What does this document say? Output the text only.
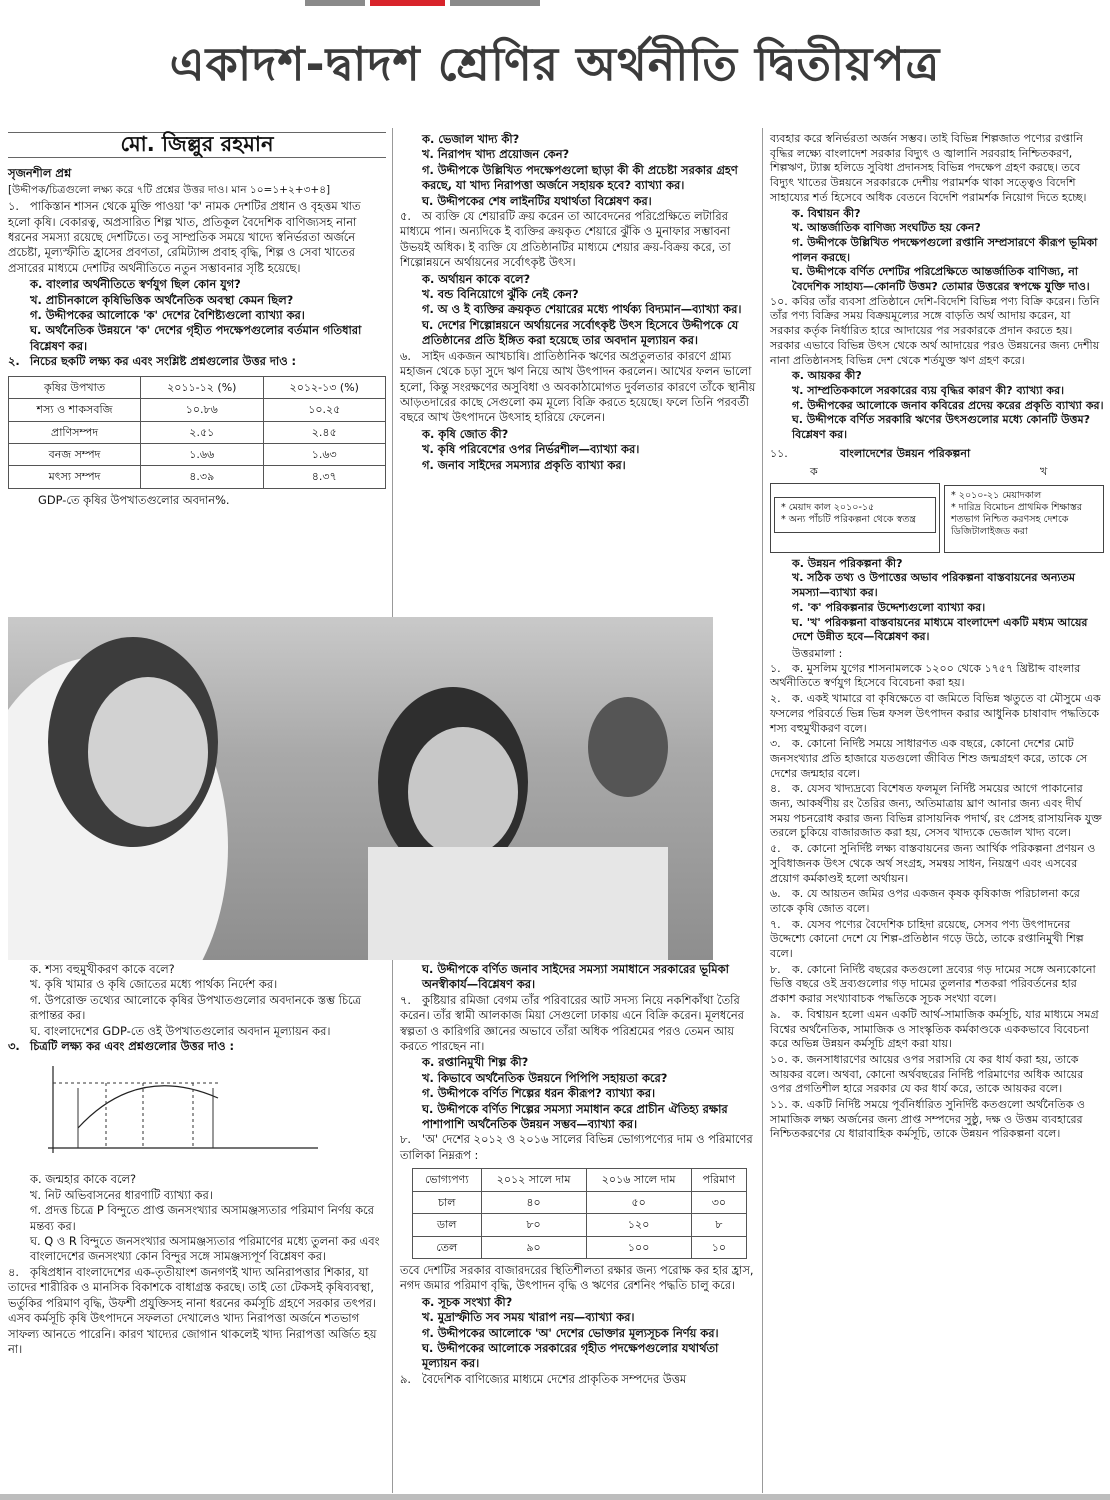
একাদশ-দ্বাদশ শ্রেণির অর্থনীতি দ্বিতীয়পত্র
মো. জিল্লুর রহমান
সৃজনশীল প্রশ্ন
[উদ্দীপক/চিত্রগুলো লক্ষ্য করে ৭টি প্রশ্নের উত্তর দাও। মান ১০=১+২+৩+৪]
১. পাকিস্তান শাসন থেকে মুক্তি পাওয়া 'ক' নামক দেশটির প্রধান ও বৃহত্তম খাত হলো কৃষি। বেকারত্ব, অপ্রসারিত শিল্প খাত, প্রতিকূল বৈদেশিক বাণিজ্যসহ নানা ধরনের সমস্যা রয়েছে দেশটিতে। তবু সাম্প্রতিক সময়ে খাদ্যে স্বনির্ভরতা অর্জনে প্রচেষ্টা, মূল্যস্ফীতি হ্রাসের প্রবণতা, রেমিট্যান্স প্রবাহ বৃদ্ধি, শিল্প ও সেবা খাতের প্রসারের মাধ্যমে দেশটির অর্থনীতিতে নতুন সম্ভাবনার সৃষ্টি হয়েছে।
ক. বাংলার অর্থনীতিতে স্বর্ণযুগ ছিল কোন যুগ?
খ. প্রাচীনকালে কৃষিভিত্তিক অর্থনৈতিক অবস্থা কেমন ছিল?
গ. উদ্দীপকের আলোকে 'ক' দেশের বৈশিষ্ট্যগুলো ব্যাখ্যা কর।
ঘ. অর্থনৈতিক উন্নয়নে 'ক' দেশের গৃহীত পদক্ষেপগুলোর বর্তমান গতিধারা বিশ্লেষণ কর।
২. নিচের ছকটি লক্ষ্য কর এবং সংশ্লিষ্ট প্রশ্নগুলোর উত্তর দাও :
কৃষির উপখাত	২০১১-১২ (%)	২০১২-১৩ (%)
শস্য ও শাকসবজি	১০.৮৬	১০.২৫
প্রাণিসম্পদ	২.৫১	২.৪৫
বনজ সম্পদ	১.৬৬	১.৬৩
মৎস্য সম্পদ	৪.৩৯	৪.৩৭
GDP-তে কৃষির উপখাতগুলোর অবদান%.
ক. শস্য বহুমুখীকরণ কাকে বলে?
খ. কৃষি খামার ও কৃষি জোতের মধ্যে পার্থক্য নির্দেশ কর।
গ. উপরোক্ত তথ্যের আলোকে কৃষির উপখাতগুলোর অবদানকে স্তম্ভ চিত্রে রূপান্তর কর।
ঘ. বাংলাদেশের GDP-তে ওই উপখাতগুলোর অবদান মূল্যায়ন কর।
৩. চিত্রটি লক্ষ্য কর এবং প্রশ্নগুলোর উত্তর দাও :
ক. জন্মহার কাকে বলে?
খ. নিট অভিবাসনের ধারণাটি ব্যাখ্যা কর।
গ. প্রদত্ত চিত্রে P বিন্দুতে প্রাপ্ত জনসংখ্যার অসামঞ্জস্যতার পরিমাণ নির্ণয় করে মন্তব্য কর।
ঘ. Q ও R বিন্দুতে জনসংখ্যার অসামঞ্জস্যতার পরিমাণের মধ্যে তুলনা কর এবং বাংলাদেশের জনসংখ্যা কোন বিন্দুর সঙ্গে সামঞ্জস্যপূর্ণ বিশ্লেষণ কর।
৪. কৃষিপ্রধান বাংলাদেশের এক-তৃতীয়াংশ জনগণই খাদ্য অনিরাপত্তার শিকার, যা তাদের শারীরিক ও মানসিক বিকাশকে বাধাগ্রস্ত করছে। তাই তো টেকসই কৃষিব্যবস্থা, ভর্তুকির পরিমাণ বৃদ্ধি, উফশী প্রযুক্তিসহ নানা ধরনের কর্মসূচি গ্রহণে সরকার তৎপর। এসব কর্মসূচি কৃষি উৎপাদনে সফলতা দেখালেও খাদ্য নিরাপত্তা অর্জনে শতভাগ সাফল্য আনতে পারেনি। কারণ খাদ্যের জোগান থাকলেই খাদ্য নিরাপত্তা অর্জিত হয় না।
ক. ভেজাল খাদ্য কী?
খ. নিরাপদ খাদ্য প্রয়োজন কেন?
গ. উদ্দীপকে উল্লিখিত পদক্ষেপগুলো ছাড়া কী কী প্রচেষ্টা সরকার গ্রহণ করছে, যা খাদ্য নিরাপত্তা অর্জনে সহায়ক হবে? ব্যাখ্যা কর।
ঘ. উদ্দীপকের শেষ লাইনটির যথার্থতা বিশ্লেষণ কর।
৫. অ ব্যক্তি যে শেয়ারটি ক্রয় করেন তা আবেদনের পরিপ্রেক্ষিতে লটারির মাধ্যমে পান। অন্যদিকে ই ব্যক্তির ক্রয়কৃত শেয়ারে ঝুঁকি ও মুনাফার সম্ভাবনা উভয়ই অধিক। ই ব্যক্তি যে প্রতিষ্ঠানটির মাধ্যমে শেয়ার ক্রয়-বিক্রয় করে, তা শিল্পোন্নয়নে অর্থায়নের সর্বোৎকৃষ্ট উৎস।
ক. অর্থায়ন কাকে বলে?
খ. বন্ড বিনিয়োগে ঝুঁকি নেই কেন?
গ. অ ও ই ব্যক্তির ক্রয়কৃত শেয়ারের মধ্যে পার্থক্য বিদ্যমান—ব্যাখ্যা কর।
ঘ. দেশের শিল্পোন্নয়নে অর্থায়নের সর্বোৎকৃষ্ট উৎস হিসেবে উদ্দীপকে যে প্রতিষ্ঠানের প্রতি ইঙ্গিত করা হয়েছে তার অবদান মূল্যায়ন কর।
৬. সাইদ একজন আখচাষি। প্রাতিষ্ঠানিক ঋণের অপ্রতুলতার কারণে গ্রাম্য মহাজন থেকে চড়া সুদে ঋণ নিয়ে আখ উৎপাদন করলেন। আখের ফলন ভালো হলো, কিন্তু সংরক্ষণের অসুবিধা ও অবকাঠামোগত দুর্বলতার কারণে তাঁকে স্থানীয় আড়তদারের কাছে সেগুলো কম মূল্যে বিক্রি করতে হয়েছে। ফলে তিনি পরবর্তী বছরে আখ উৎপাদনে উৎসাহ হারিয়ে ফেলেন।
ক. কৃষি জোত কী?
খ. কৃষি পরিবেশের ওপর নির্ভরশীল—ব্যাখ্যা কর।
গ. জনাব সাইদের সমস্যার প্রকৃতি ব্যাখ্যা কর।
ঘ. উদ্দীপকে বর্ণিত জনাব সাইদের সমস্যা সমাধানে সরকারের ভূমিকা অনস্বীকার্য—বিশ্লেষণ কর।
৭. কুষ্টিয়ার রমিজা বেগম তাঁর পরিবারের আট সদস্য নিয়ে নকশিকাঁথা তৈরি করেন। তাঁর স্বামী আলকাজ মিয়া সেগুলো ঢাকায় এনে বিক্রি করেন। মূলধনের স্বল্পতা ও কারিগরি জ্ঞানের অভাবে তাঁরা অধিক পরিশ্রমের পরও তেমন আয় করতে পারছেন না।
ক. রপ্তানিমুখী শিল্প কী?
খ. কিভাবে অর্থনৈতিক উন্নয়নে পিপিপি সহায়তা করে?
গ. উদ্দীপকে বর্ণিত শিল্পের ধরন কীরূপ? ব্যাখ্যা কর।
ঘ. উদ্দীপকে বর্ণিত শিল্পের সমস্যা সমাধান করে প্রাচীন ঐতিহ্য রক্ষার পাশাপাশি অর্থনৈতিক উন্নয়ন সম্ভব—ব্যাখ্যা কর।
৮. 'অ' দেশের ২০১২ ও ২০১৬ সালের বিভিন্ন ভোগ্যপণ্যের দাম ও পরিমাণের তালিকা নিম্নরূপ :
ভোগ্যপণ্য	২০১২ সালে দাম	২০১৬ সালে দাম	পরিমাণ
চাল	৪০	৫০	৩০
ডাল	৮০	১২০	৮
তেল	৯০	১০০	১০
তবে দেশটির সরকার বাজারদরের স্থিতিশীলতা রক্ষার জন্য পরোক্ষ কর হার হ্রাস, নগদ জমার পরিমাণ বৃদ্ধি, উৎপাদন বৃদ্ধি ও ঋণের রেশনিং পদ্ধতি চালু করে।
ক. সূচক সংখ্যা কী?
খ. মুদ্রাস্ফীতি সব সময় খারাপ নয়—ব্যাখ্যা কর।
গ. উদ্দীপকের আলোকে 'অ' দেশের ভোক্তার মূল্যসূচক নির্ণয় কর।
ঘ. উদ্দীপকের আলোকে সরকারের গৃহীত পদক্ষেপগুলোর যথার্থতা মূল্যায়ন কর।
৯. বৈদেশিক বাণিজ্যের মাধ্যমে দেশের প্রাকৃতিক সম্পদের উত্তম
ব্যবহার করে স্বনির্ভরতা অর্জন সম্ভব। তাই বিভিন্ন শিল্পজাত পণ্যের রপ্তানি বৃদ্ধির লক্ষ্যে বাংলাদেশ সরকার বিদ্যুৎ ও জ্বালানি সরবরাহ নিশ্চিতকরণ, শিল্পঋণ, ট্যাক্স হলিডে সুবিধা প্রদানসহ বিভিন্ন পদক্ষেপ গ্রহণ করছে। তবে বিদ্যুৎ খাতের উন্নয়নে সরকারকে দেশীয় পরামর্শক থাকা সত্ত্বেও বিদেশি সাহায্যের শর্ত হিসেবে অধিক বেতনে বিদেশি পরামর্শক নিয়োগ দিতে হচ্ছে।
ক. বিশ্বায়ন কী?
খ. আন্তর্জাতিক বাণিজ্য সংঘটিত হয় কেন?
গ. উদ্দীপকে উল্লিখিত পদক্ষেপগুলো রপ্তানি সম্প্রসারণে কীরূপ ভূমিকা পালন করছে।
ঘ. উদ্দীপকে বর্ণিত দেশটির পরিপ্রেক্ষিতে আন্তর্জাতিক বাণিজ্য, না বৈদেশিক সাহায্য—কোনটি উত্তম? তোমার উত্তরের স্বপক্ষে যুক্তি দাও।
১০. কবির তাঁর ব্যবসা প্রতিষ্ঠানে দেশি-বিদেশি বিভিন্ন পণ্য বিক্রি করেন। তিনি তাঁর পণ্য বিক্রির সময় বিক্রয়মূল্যের সঙ্গে বাড়তি অর্থ আদায় করেন, যা সরকার কর্তৃক নির্ধারিত হারে আদায়ের পর সরকারকে প্রদান করতে হয়। সরকার এভাবে বিভিন্ন উৎস থেকে অর্থ আদায়ের পরও উন্নয়নের জন্য দেশীয় নানা প্রতিষ্ঠানসহ বিভিন্ন দেশ থেকে শর্তযুক্ত ঋণ গ্রহণ করে।
ক. আয়কর কী?
খ. সাম্প্রতিককালে সরকারের ব্যয় বৃদ্ধির কারণ কী? ব্যাখ্যা কর।
গ. উদ্দীপকের আলোকে জনাব কবিরের প্রদেয় করের প্রকৃতি ব্যাখ্যা কর।
ঘ. উদ্দীপকে বর্ণিত সরকারি ঋণের উৎসগুলোর মধ্যে কোনটি উত্তম? বিশ্লেষণ কর।
১১.	বাংলাদেশের উন্নয়ন পরিকল্পনা
ক	খ
* মেয়াদ কাল ২০১০-১৫
* অন্য পাঁচটি পরিকল্পনা থেকে স্বতন্ত্র
* ২০১০-২১ মেয়াদকাল
* দারিদ্র বিমোচন প্রাথমিক শিক্ষাস্তর শতভাগ নিশ্চিত করণসহ দেশকে ডিজিটালাইজড করা
ক. উন্নয়ন পরিকল্পনা কী?
খ. সঠিক তথ্য ও উপাত্তের অভাব পরিকল্পনা বাস্তবায়নের অন্যতম সমস্যা—ব্যাখ্যা কর।
গ. 'ক' পরিকল্পনার উদ্দেশ্যগুলো ব্যাখ্যা কর।
ঘ. 'খ' পরিকল্পনা বাস্তবায়নের মাধ্যমে বাংলাদেশ একটি মধ্যম আয়ের দেশে উন্নীত হবে—বিশ্লেষণ কর।
উত্তরমালা :
১. ক. মুসলিম যুগের শাসনামলকে ১২০০ থেকে ১৭৫৭ খ্রিষ্টাব্দ বাংলার অর্থনীতিতে স্বর্ণযুগ হিসেবে বিবেচনা করা হয়।
২. ক. একই খামারে বা কৃষিক্ষেতে বা জমিতে বিভিন্ন ঋতুতে বা মৌসুমে এক ফসলের পরিবর্তে ভিন্ন ভিন্ন ফসল উৎপাদন করার আধুনিক চাষাবাদ পদ্ধতিকে শস্য বহুমুখীকরণ বলে।
৩. ক. কোনো নির্দিষ্ট সময়ে সাধারণত এক বছরে, কোনো দেশের মোট জনসংখ্যার প্রতি হাজারে যতগুলো জীবিত শিশু জন্মগ্রহণ করে, তাকে সে দেশের জন্মহার বলে।
৪. ক. যেসব খাদ্যদ্রব্যে বিশেষত ফলমূল নির্দিষ্ট সময়ের আগে পাকানোর জন্য, আকর্ষণীয় রং তৈরির জন্য, অতিমাত্রায় ঘ্রাণ আনার জন্য এবং দীর্ঘ সময় পচনরোধ করার জন্য বিভিন্ন রাসায়নিক পদার্থ, রং প্রেসহ রাসায়নিক যুক্ত তরলে চুকিয়ে বাজারজাত করা হয়, সেসব খাদ্যকে ভেজাল খাদ্য বলে।
৫. ক. কোনো সুনির্দিষ্ট লক্ষ্য বাস্তবায়নের জন্য আর্থিক পরিকল্পনা প্রণয়ন ও সুবিধাজনক উৎস থেকে অর্থ সংগ্রহ, সমন্বয় সাধন, নিয়ন্ত্রণ এবং এসবের প্রয়োগ কর্মকাণ্ডই হলো অর্থায়ন।
৬. ক. যে আয়তন জমির ওপর একজন কৃষক কৃষিকাজ পরিচালনা করে তাকে কৃষি জোত বলে।
৭. ক. যেসব পণ্যের বৈদেশিক চাহিদা রয়েছে, সেসব পণ্য উৎপাদনের উদ্দেশ্যে কোনো দেশে যে শিল্প-প্রতিষ্ঠান গড়ে উঠে, তাকে রপ্তানিমুখী শিল্প বলে।
৮. ক. কোনো নির্দিষ্ট বছরের কতগুলো দ্রব্যের গড় দামের সঙ্গে অন্যকোনো ভিত্তি বছরে ওই দ্রব্যগুলোর গড় দামের তুলনার শতকরা পরিবর্তনের হার প্রকাশ করার সংখ্যাবাচক পদ্ধতিকে সূচক সংখ্যা বলে।
৯. ক. বিশ্বায়ন হলো এমন একটি আর্থ-সামাজিক কর্মসূচি, যার মাধ্যমে সমগ্র বিশ্বের অর্থনৈতিক, সামাজিক ও সাংস্কৃতিক কর্মকাণ্ডকে এককভাবে বিবেচনা করে অভিন্ন উন্নয়ন কর্মসূচি গ্রহণ করা যায়।
১০. ক. জনসাধারণের আয়ের ওপর সরাসরি যে কর ধার্য করা হয়, তাকে আয়কর বলে। অথবা, কোনো অর্থবছরের নির্দিষ্ট পরিমাণের অধিক আয়ের ওপর প্রগতিশীল হারে সরকার যে কর ধার্য করে, তাকে আয়কর বলে।
১১. ক. একটি নির্দিষ্ট সময়ে পূর্বনির্ধারিত সুনির্দিষ্ট কতগুলো অর্থনৈতিক ও সামাজিক লক্ষ্য অর্জনের জন্য প্রাপ্ত সম্পদের সুষ্ঠু, দক্ষ ও উত্তম ব্যবহারের নিশ্চিতকরণের যে ধারাবাহিক কর্মসূচি, তাকে উন্নয়ন পরিকল্পনা বলে।
